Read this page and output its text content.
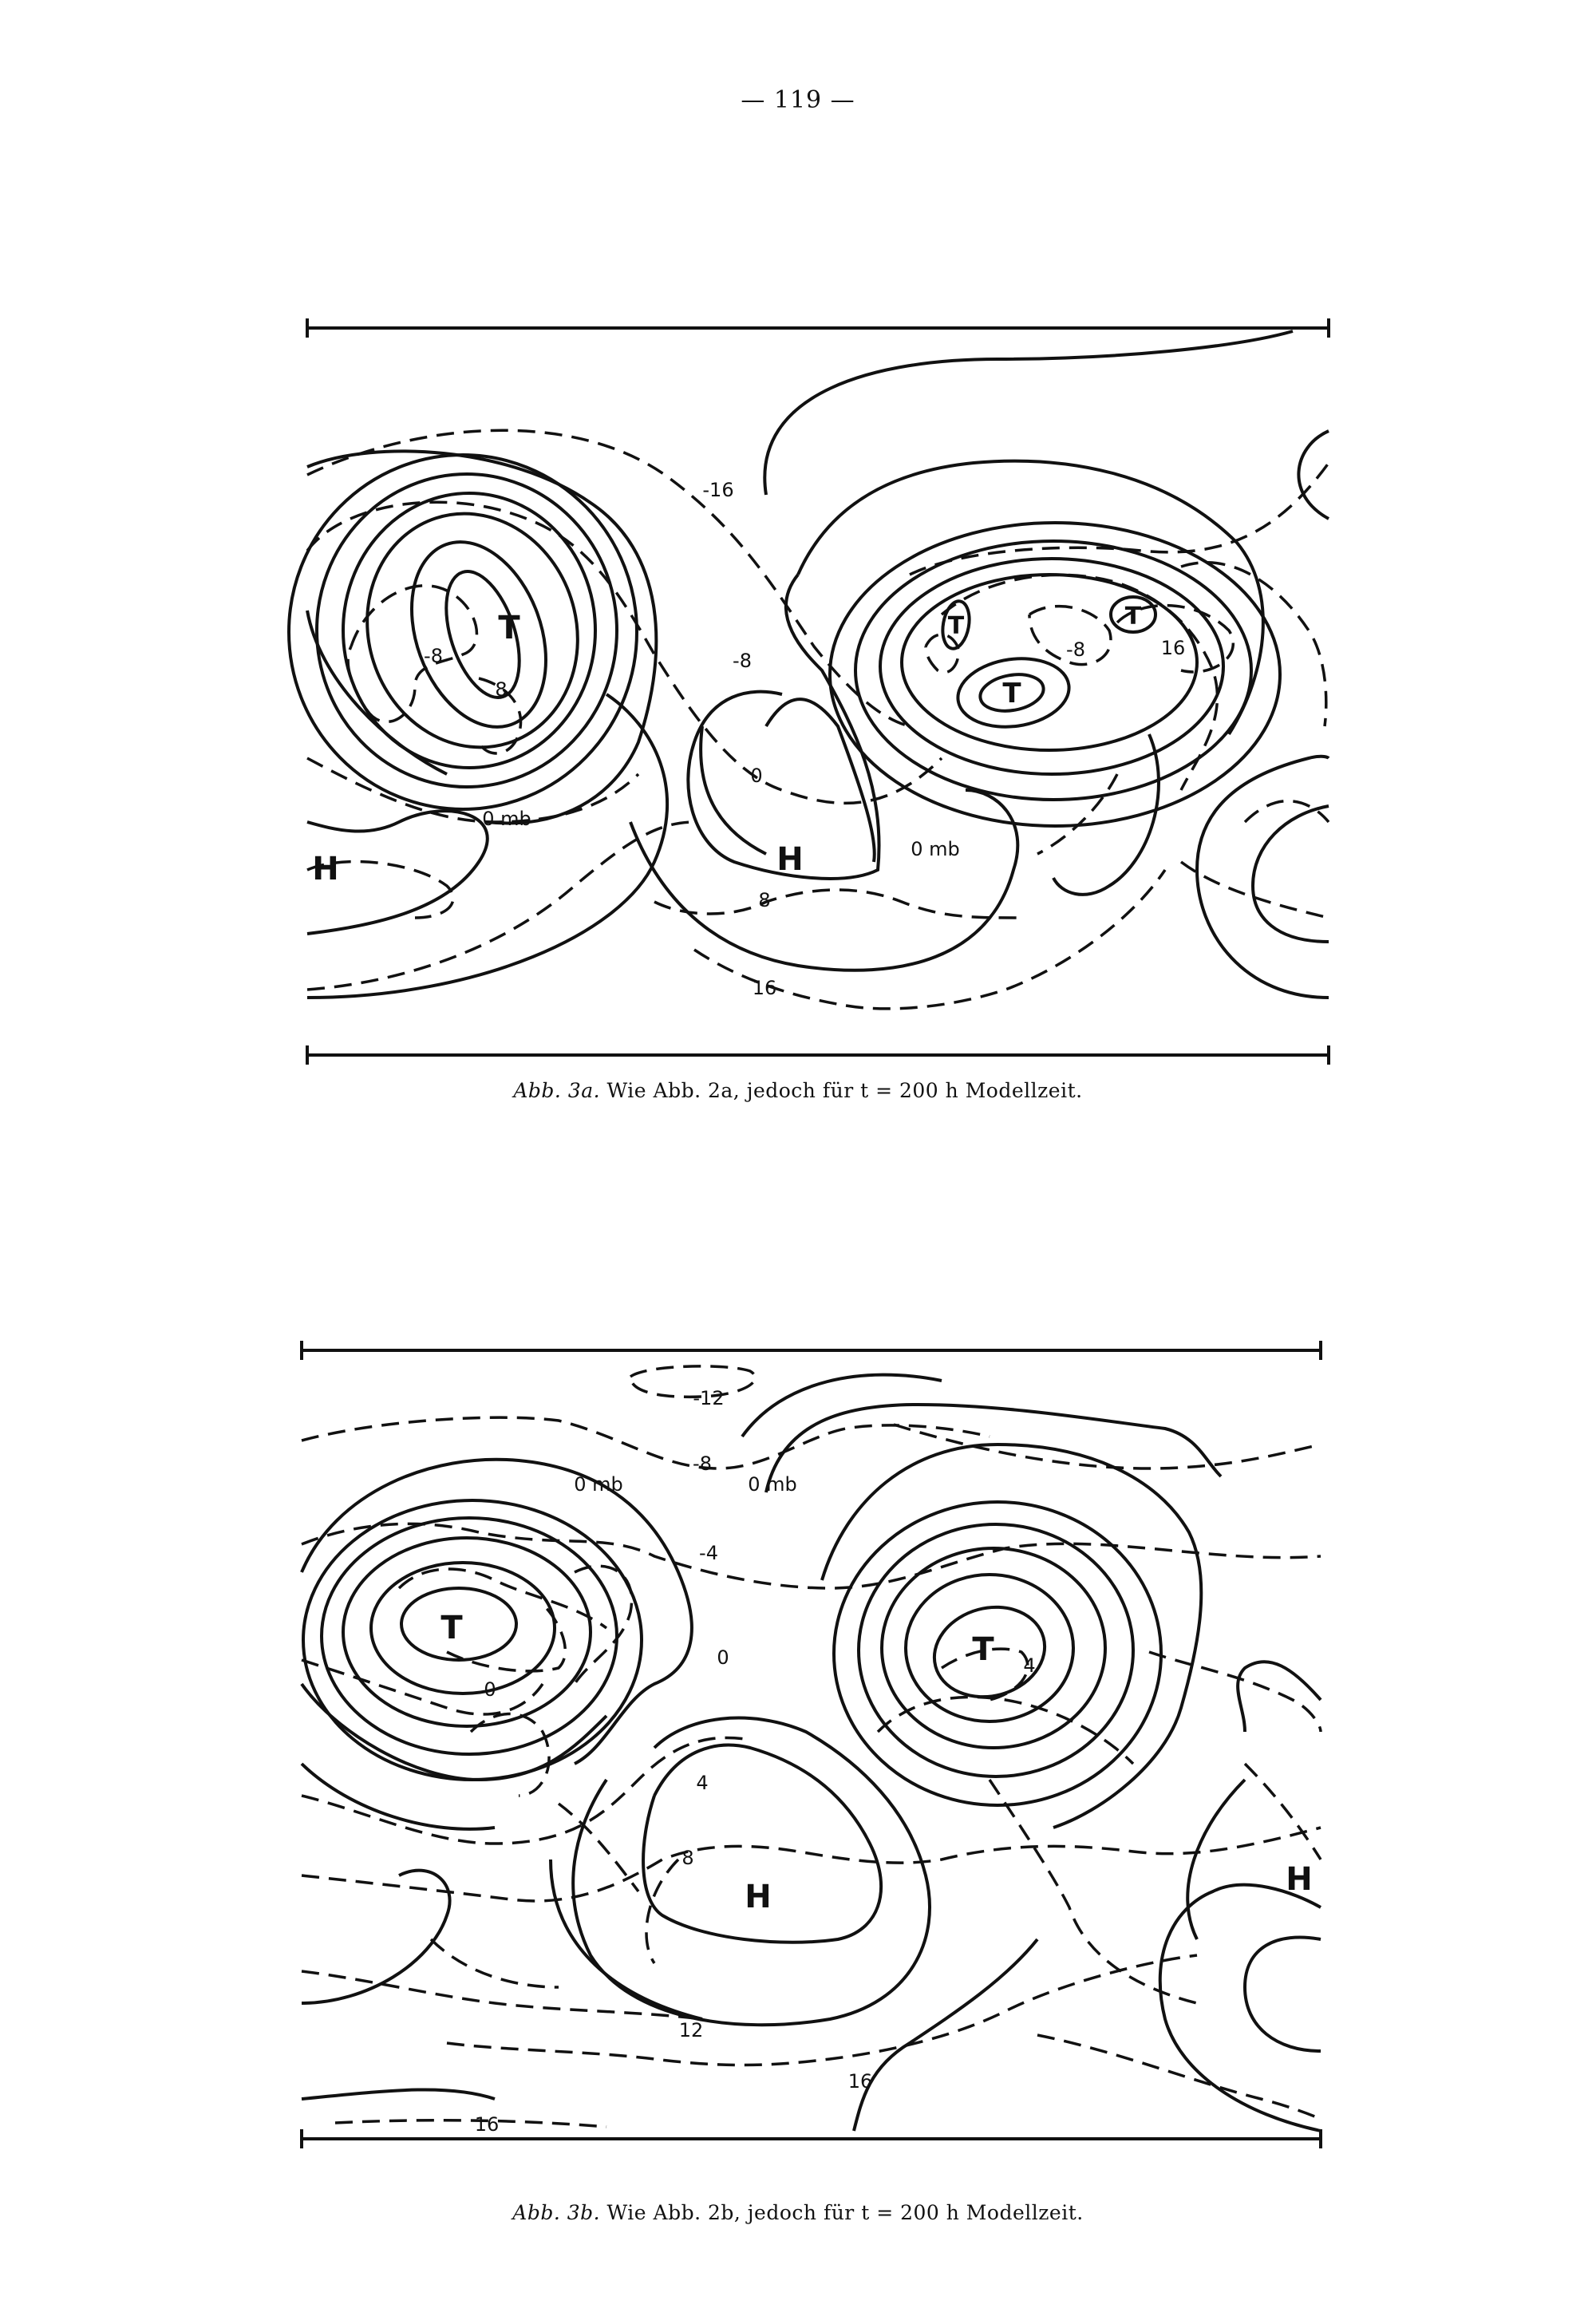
— 119 —
H	H
T	T
T
T
-16
-8
8
-8
0
8
16
0 mb
0 mb
-8	16
Abb. 3a. Wie Abb. 2a, jedoch für t = 200 h Modellzeit.
T
T
H	H
-12
-8
0 mb	0 mb
-4
0
0	4
4
8
12
16
16
Abb. 3b. Wie Abb. 2b, jedoch für t = 200 h Modellzeit.
